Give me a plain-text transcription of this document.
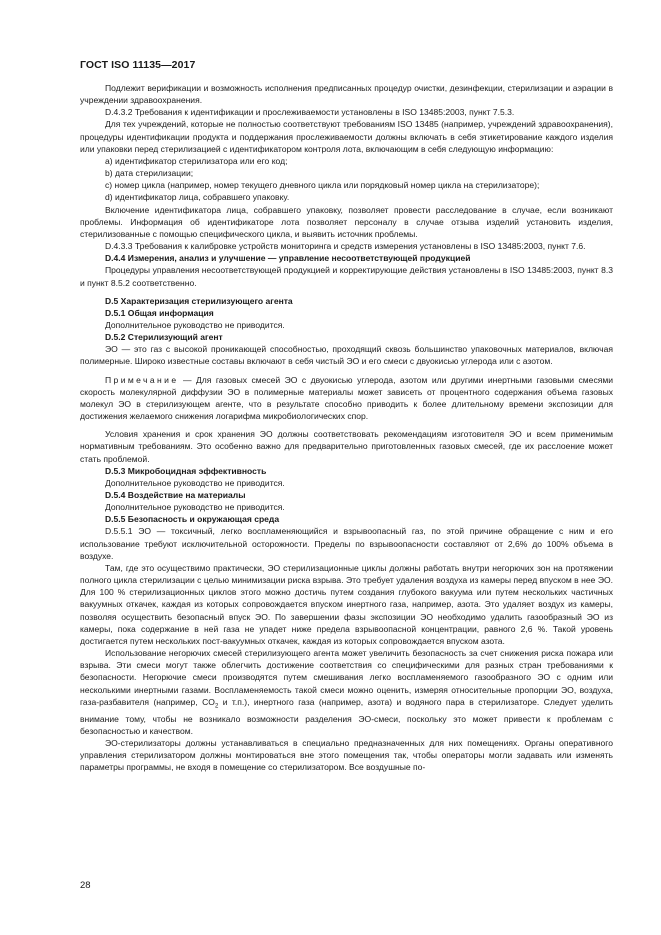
ГОСТ ISO 11135—2017

Подлежит верификации и возможность исполнения предписанных процедур очистки, дезинфекции, стерилизации и аэрации в учреждении здравоохранения.

D.4.3.2 Требования к идентификации и прослеживаемости установлены в ISO 13485:2003, пункт 7.5.3.

Для тех учреждений, которые не полностью соответствуют требованиям ISO 13485 (например, учреждений здравоохранения), процедуры идентификации продукта и поддержания прослеживаемости должны включать в себя этикетирование каждого изделия или упаковки перед стерилизацией с идентификатором контроля лота, включающим в себя следующую информацию:

a) идентификатор стерилизатора или его код;

b) дата стерилизации;

c) номер цикла (например, номер текущего дневного цикла или порядковый номер цикла на стерилизаторе);

d) идентификатор лица, собравшего упаковку.

Включение идентификатора лица, собравшего упаковку, позволяет провести расследование в случае, если возникают проблемы. Информация об идентификаторе лота позволяет персоналу в случае отзыва изделий установить изделия, стерилизованные с помощью специфического цикла, и выявить источник проблемы.

D.4.3.3 Требования к калибровке устройств мониторинга и средств измерения установлены в ISO 13485:2003, пункт 7.6.

D.4.4 Измерения, анализ и улучшение — управление несоответствующей продукцией

Процедуры управления несоответствующей продукцией и корректирующие действия установлены в ISO 13485:2003, пункт 8.3 и пункт 8.5.2 соответственно.

D.5 Характеризация стерилизующего агента

D.5.1 Общая информация

Дополнительное руководство не приводится.

D.5.2 Стерилизующий агент

ЭО — это газ с высокой проникающей способностью, проходящий сквозь большинство упаковочных материалов, включая полимерные. Широко известные составы включают в себя чистый ЭО и его смеси с двуокисью углерода или с азотом.

Примечание — Для газовых смесей ЭО с двуокисью углерода, азотом или другими инертными газовыми смесями скорость молекулярной диффузии ЭО в полимерные материалы может зависеть от процентного содержания объема газовых молекул ЭО в стерилизующем агенте, что в результате способно приводить к более длительному времени экспозиции для достижения желаемого снижения логарифма микробиологических спор.

Условия хранения и срок хранения ЭО должны соответствовать рекомендациям изготовителя ЭО и всем применимым нормативным требованиям. Это особенно важно для предварительно приготовленных газовых смесей, где их расслоение может стать проблемой.

D.5.3 Микробоцидная эффективность

Дополнительное руководство не приводится.

D.5.4 Воздействие на материалы

Дополнительное руководство не приводится.

D.5.5 Безопасность и окружающая среда

D.5.5.1 ЭО — токсичный, легко воспламеняющийся и взрывоопасный газ, по этой причине обращение с ним и его использование требуют исключительной осторожности. Пределы по взрывоопасности составляют от 2,6% до 100% объема в воздухе.

Там, где это осуществимо практически, ЭО стерилизационные циклы должны работать внутри негорючих зон на протяжении полного цикла стерилизации с целью минимизации риска взрыва. Это требует удаления воздуха из камеры перед впуском в нее ЭО. Для 100 % стерилизационных циклов этого можно достичь путем создания глубокого вакуума или путем нескольких частичных вакуумных откачек, каждая из которых сопровождается впуском инертного газа, например, азота. Это удаляет воздух из камеры, позволяя осуществить безопасный впуск ЭО. По завершении фазы экспозиции ЭО необходимо удалить газообразный ЭО из камеры, пока содержание в ней газа не упадет ниже предела взрывоопасной концентрации, равного 2,6 %. Такой уровень достигается путем нескольких пост-вакуумных откачек, каждая из которых сопровождается впуском азота.

Использование негорючих смесей стерилизующего агента может увеличить безопасность за счет снижения риска пожара или взрыва. Эти смеси могут также облегчить достижение соответствия со специфическими для разных стран требованиями к безопасности. Негорючие смеси производятся путем смешивания легко воспламеняемого газообразного ЭО с одним или несколькими инертными газами. Воспламеняемость такой смеси можно оценить, измеряя относительные пропорции ЭО, воздуха, газа-разбавителя (например, $CO_2$ и т.п.), инертного газа (например, азота) и водяного пара в стерилизаторе. Следует уделить внимание тому, чтобы не возникало возможности разделения ЭО-смеси, поскольку это может привести к проблемам с безопасностью и качеством.

ЭО-стерилизаторы должны устанавливаться в специально предназначенных для них помещениях. Органы оперативного управления стерилизатором должны монтироваться вне этого помещения так, чтобы операторы могли задавать или изменять параметры программы, не входя в помещение со стерилизатором. Все воздушные по-

28
